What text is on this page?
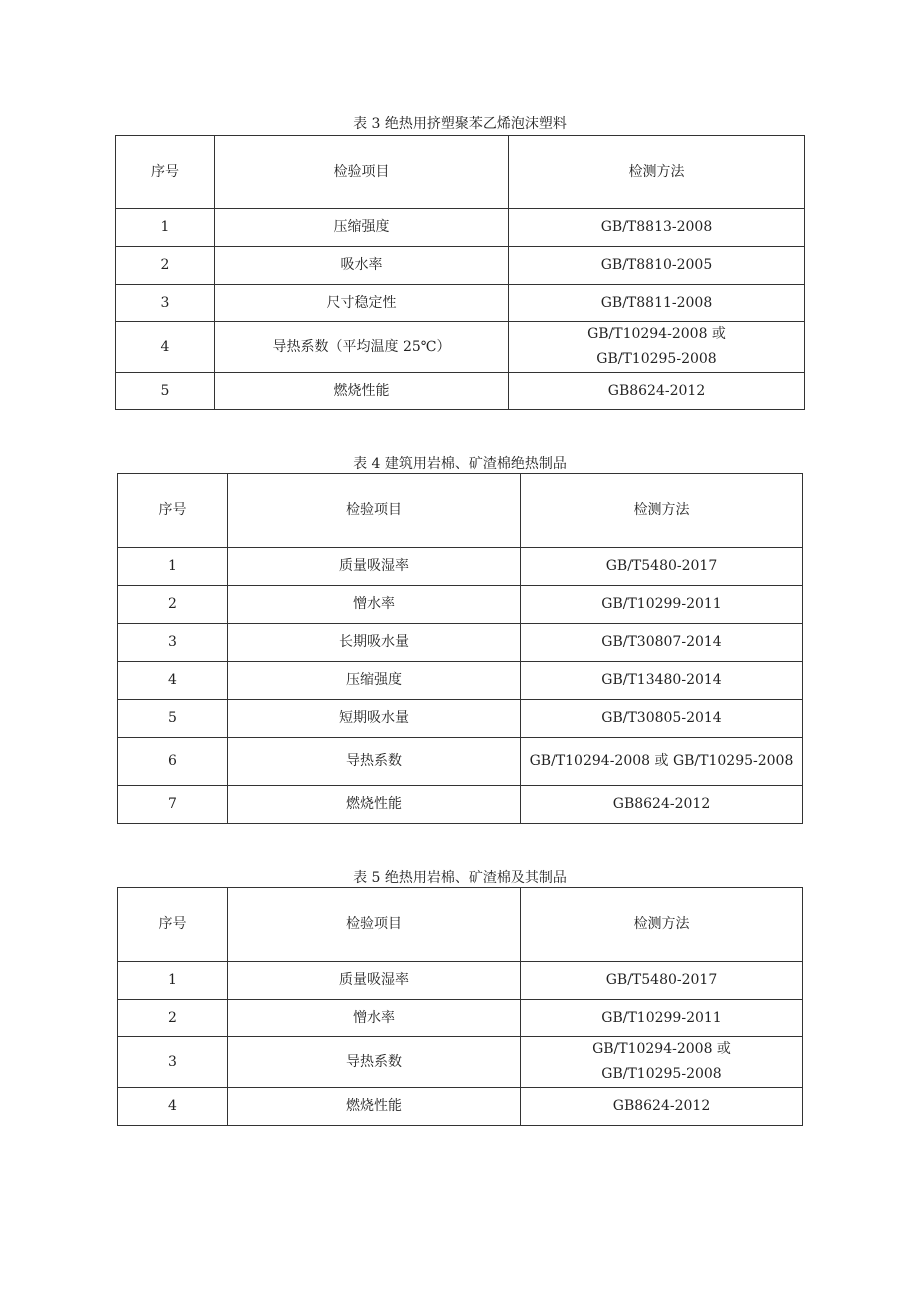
表 3 绝热用挤塑聚苯乙烯泡沫塑料
序号	检验项目	检测方法
1	压缩强度	GB/T8813-2008
2	吸水率	GB/T8810-2005
3	尺寸稳定性	GB/T8811-2008
4	导热系数（平均温度 25℃）	GB/T10294-2008 或
GB/T10295-2008

5	燃烧性能	GB8624-2012
表 4 建筑用岩棉、矿渣棉绝热制品
序号	检验项目	检测方法
1	质量吸湿率	GB/T5480-2017
2	憎水率	GB/T10299-2011
3	长期吸水量	GB/T30807-2014
4	压缩强度	GB/T13480-2014
5	短期吸水量	GB/T30805-2014
6	导热系数	GB/T10294-2008 或 GB/T10295-2008
7	燃烧性能	GB8624-2012
表 5 绝热用岩棉、矿渣棉及其制品
序号	检验项目	检测方法
1	质量吸湿率	GB/T5480-2017
2	憎水率	GB/T10299-2011
3	导热系数	GB/T10294-2008 或
GB/T10295-2008

4	燃烧性能	GB8624-2012
